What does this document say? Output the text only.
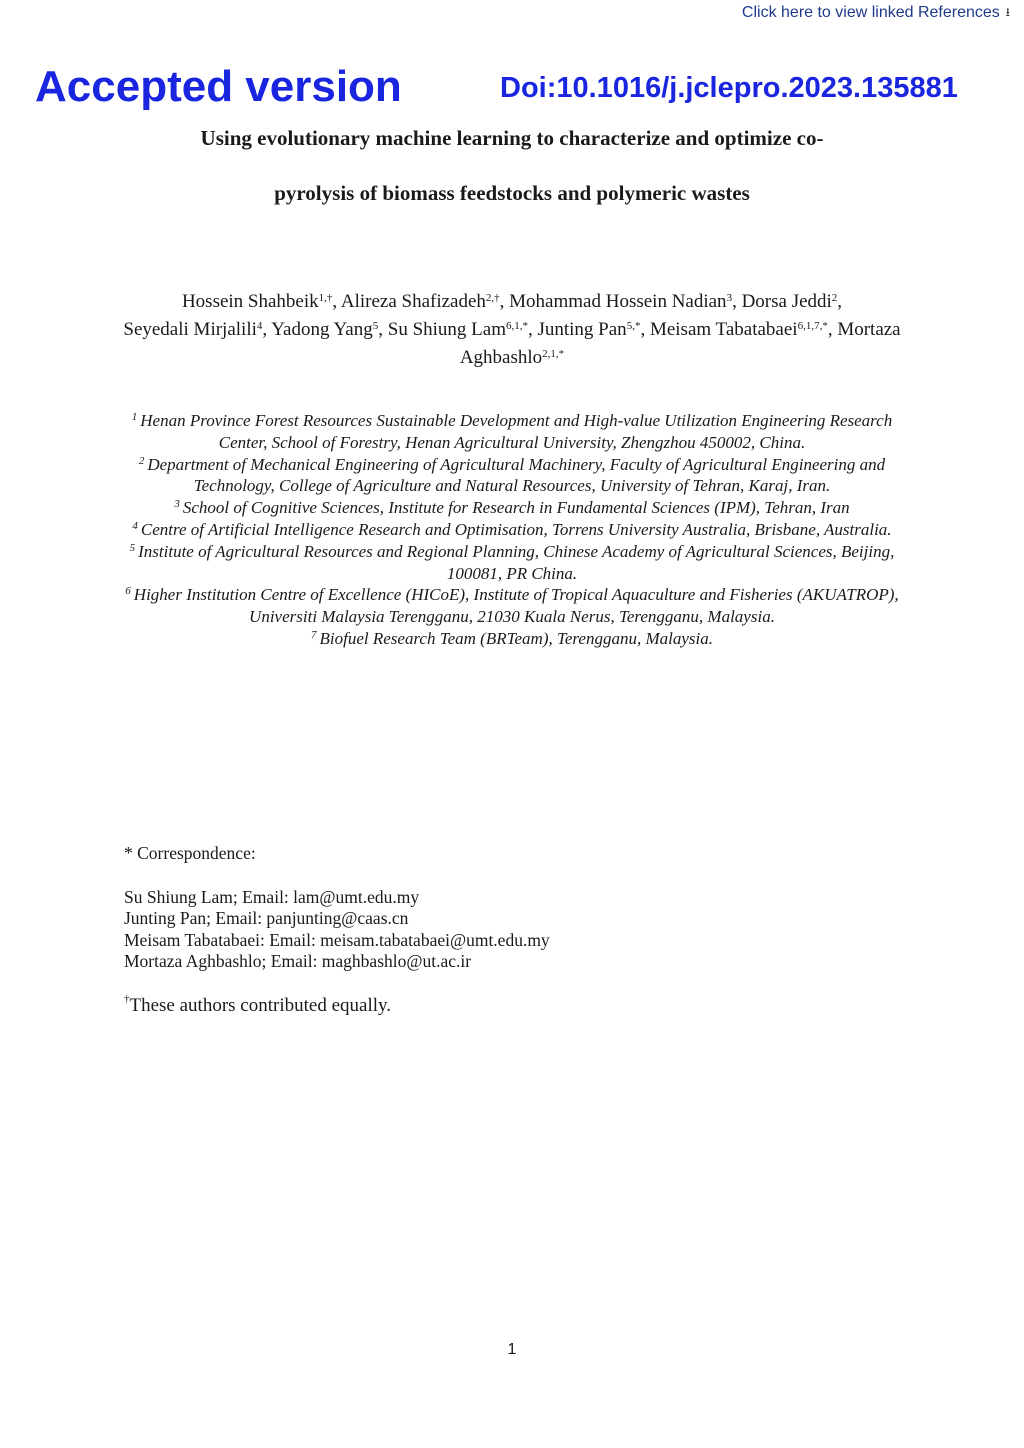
Click here to view linked References ⭳
Accepted version	Doi:10.1016/j.jclepro.2023.135881
Using evolutionary machine learning to characterize and optimize co-
pyrolysis of biomass feedstocks and polymeric wastes
Hossein Shahbeik$^{1,\dagger}$, Alireza Shafizadeh$^{2,\dagger}$, Mohammad Hossein Nadian$^3$, Dorsa Jeddi$^2$,
Seyedali Mirjalili$^4$, Yadong Yang$^5$, Su Shiung Lam$^{6,1,*}$, Junting Pan$^{5,*}$, Meisam Tabatabaei$^{6,1,7,*}$, Mortaza Aghbashlo$^{2,1,*}$
$^1$ Henan Province Forest Resources Sustainable Development and High-value Utilization Engineering Research Center, School of Forestry, Henan Agricultural University, Zhengzhou 450002, China.
$^2$ Department of Mechanical Engineering of Agricultural Machinery, Faculty of Agricultural Engineering and Technology, College of Agriculture and Natural Resources, University of Tehran, Karaj, Iran.
$^3$ School of Cognitive Sciences, Institute for Research in Fundamental Sciences (IPM), Tehran, Iran
$^4$ Centre of Artificial Intelligence Research and Optimisation, Torrens University Australia, Brisbane, Australia.
$^5$ Institute of Agricultural Resources and Regional Planning, Chinese Academy of Agricultural Sciences, Beijing, 100081, PR China.
$^6$ Higher Institution Centre of Excellence (HICoE), Institute of Tropical Aquaculture and Fisheries (AKUATROP), Universiti Malaysia Terengganu, 21030 Kuala Nerus, Terengganu, Malaysia.
$^7$ Biofuel Research Team (BRTeam), Terengganu, Malaysia.
* Correspondence:
Su Shiung Lam; Email: lam@umt.edu.my
Junting Pan; Email: panjunting@caas.cn
Meisam Tabatabaei: Email: meisam.tabatabaei@umt.edu.my
Mortaza Aghbashlo; Email: maghbashlo@ut.ac.ir
†These authors contributed equally.
1
